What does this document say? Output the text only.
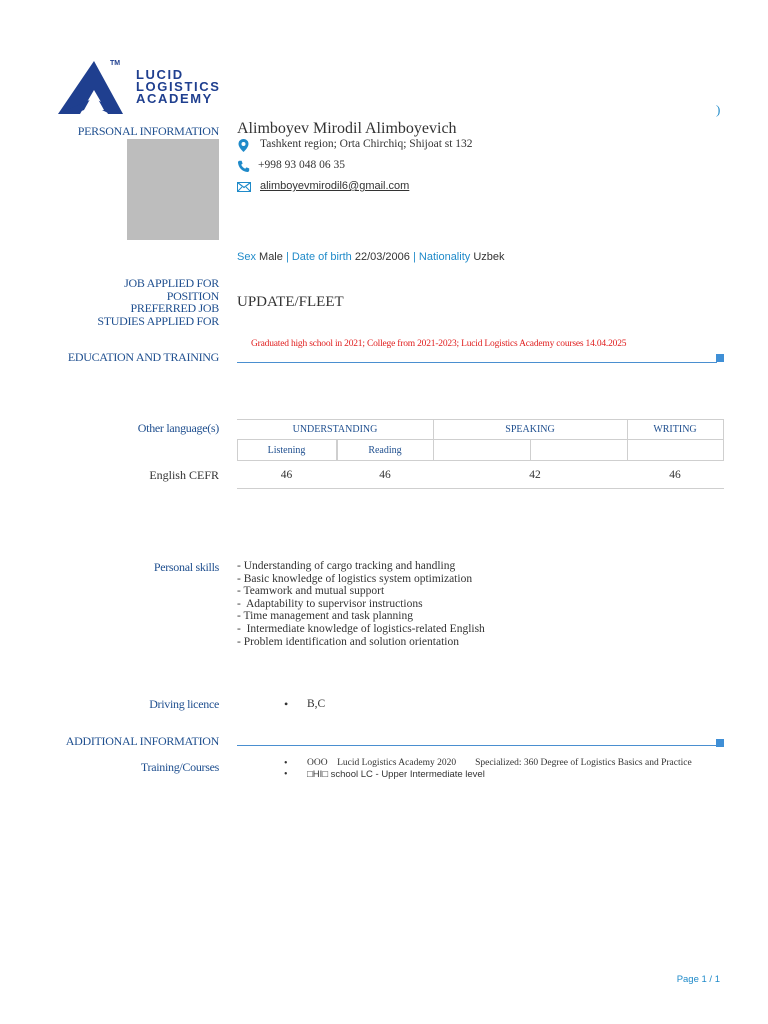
TM
LUCID
LOGISTICS
ACADEMY
)
PERSONAL INFORMATION Alimboyev Mirodil Alimboyevich
Tashkent region; Orta Chirchiq; Shijoat st 132
+998 93 048 06 35
alimboyevmirodil6@gmail.com
Sex Male | Date of birth 22/03/2006 | Nationality Uzbek
JOB APPLIED FOR
POSITION
PREFERRED JOB
STUDIES APPLIED FOR
UPDATE/FLEET
Graduated high school in 2021; College from 2021-2023; Lucid Logistics Academy courses 14.04.2025
EDUCATION AND TRAINING
Other language(s)	UNDERSTANDING	SPEAKING	WRITING
Listening	Reading
English CEFR	46	46	42	46
Personal skills - Understanding of cargo tracking and handling
- Basic knowledge of logistics system optimization
- Teamwork and mutual support
-  Adaptability to supervisor instructions
- Time management and task planning
-  Intermediate knowledge of logistics-related English
- Problem identification and solution orientation
Driving licence	• B,C
ADDITIONAL INFORMATION
Training/Courses	• OOO Lucid Logistics Academy 2020 Specialized: 360 Degree of Logistics Basics and Practice
• □HI□ school LC - Upper Intermediate level
Page 1 / 1
